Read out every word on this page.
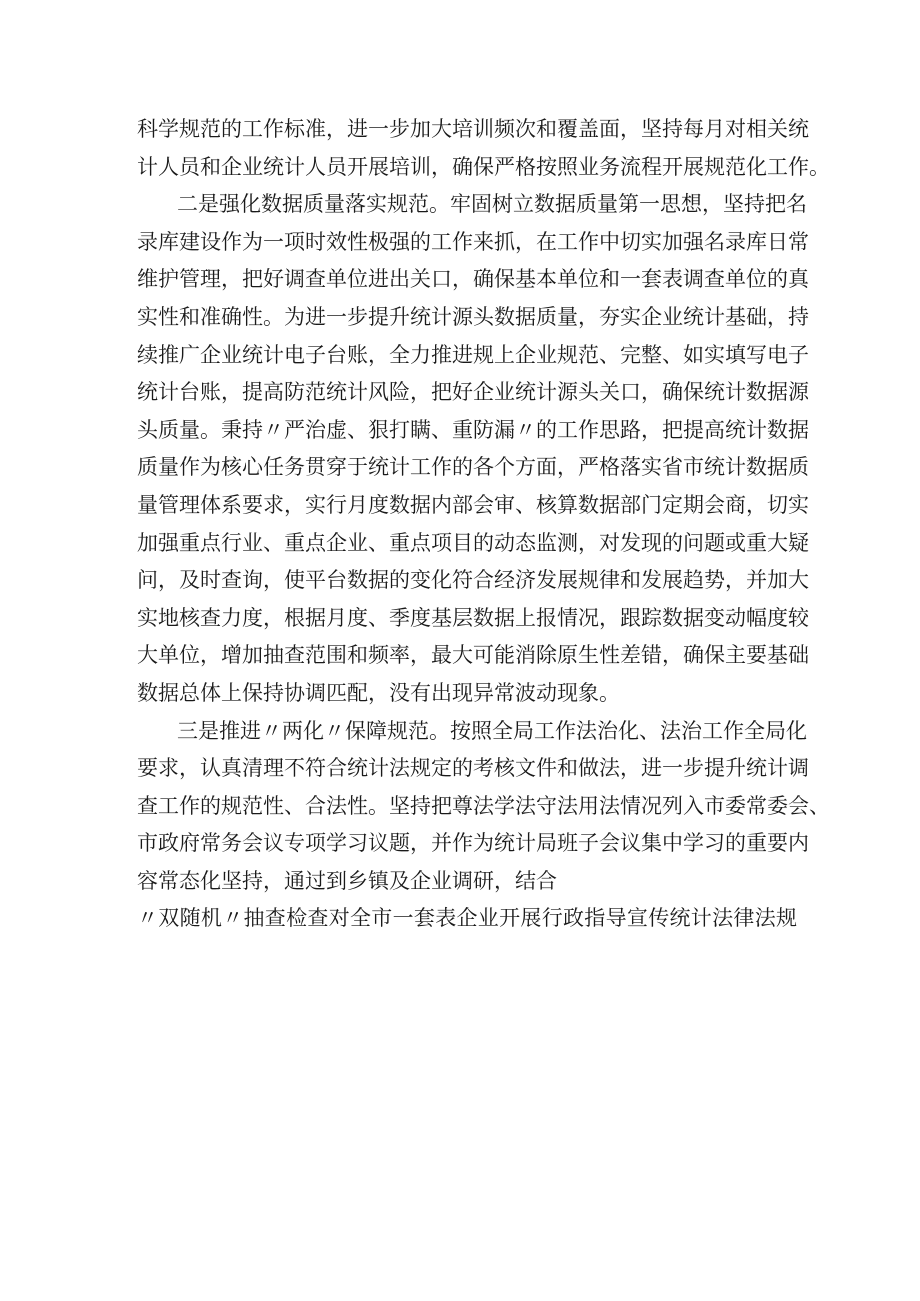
科学规范的工作标准，进一步加大培训频次和覆盖面，坚持每月对相关统
计人员和企业统计人员开展培训，确保严格按照业务流程开展规范化工作。
二是强化数据质量落实规范。牢固树立数据质量第一思想，坚持把名
录库建设作为一项时效性极强的工作来抓，在工作中切实加强名录库日常
维护管理，把好调查单位进出关口，确保基本单位和一套表调查单位的真
实性和准确性。为进一步提升统计源头数据质量，夯实企业统计基础，持
续推广企业统计电子台账，全力推进规上企业规范、完整、如实填写电子
统计台账，提高防范统计风险，把好企业统计源头关口，确保统计数据源
头质量。秉持〃严治虚、狠打瞒、重防漏〃的工作思路，把提高统计数据
质量作为核心任务贯穿于统计工作的各个方面，严格落实省市统计数据质
量管理体系要求，实行月度数据内部会审、核算数据部门定期会商，切实
加强重点行业、重点企业、重点项目的动态监测，对发现的问题或重大疑
问，及时查询，使平台数据的变化符合经济发展规律和发展趋势，并加大
实地核查力度，根据月度、季度基层数据上报情况，跟踪数据变动幅度较
大单位，增加抽查范围和频率，最大可能消除原生性差错，确保主要基础
数据总体上保持协调匹配，没有出现异常波动现象。
三是推进〃两化〃保障规范。按照全局工作法治化、法治工作全局化
要求，认真清理不符合统计法规定的考核文件和做法，进一步提升统计调
查工作的规范性、合法性。坚持把尊法学法守法用法情况列入市委常委会、
市政府常务会议专项学习议题，并作为统计局班子会议集中学习的重要内
容常态化坚持，通过到乡镇及企业调研，结合
〃双随机〃抽查检查对全市一套表企业开展行政指导宣传统计法律法规
